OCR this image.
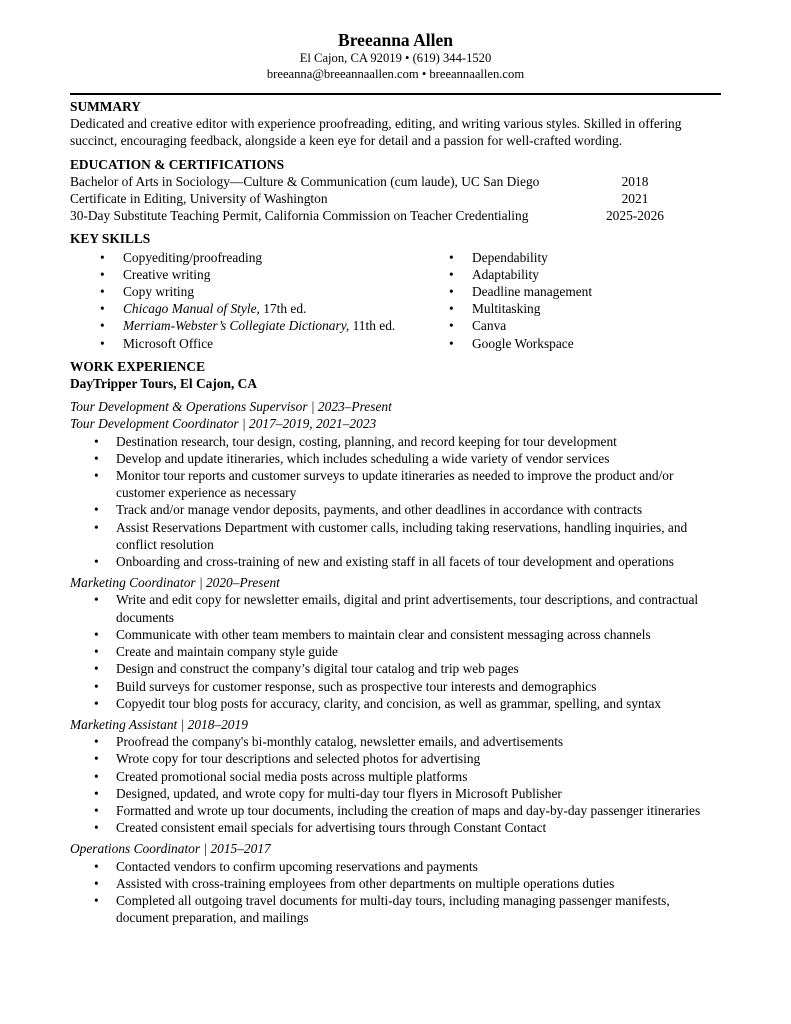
Breeanna Allen
El Cajon, CA 92019 • (619) 344-1520
breeanna@breeannaallen.com • breeannaallen.com
SUMMARY

Dedicated and creative editor with experience proofreading, editing, and writing various styles. Skilled in offering succinct, encouraging feedback, alongside a keen eye for detail and a passion for well-crafted wording.

EDUCATION & CERTIFICATIONS
Bachelor of Arts in Sociology—Culture & Communication (cum laude), UC San Diego	2018
Certificate in Editing, University of Washington	2021
30-Day Substitute Teaching Permit, California Commission on Teacher Credentialing	2025-2026
KEY SKILLS
• Copyediting/proofreading
• Creative writing
• Copy writing
• Chicago Manual of Style, 17th ed.
• Merriam-Webster’s Collegiate Dictionary, 11th ed.
• Microsoft Office
• Dependability
• Adaptability
• Deadline management
• Multitasking
• Canva
• Google Workspace
WORK EXPERIENCE
DayTripper Tours, El Cajon, CA
Tour Development & Operations Supervisor | 2023–Present
Tour Development Coordinator | 2017–2019, 2021–2023
• Destination research, tour design, costing, planning, and record keeping for tour development
• Develop and update itineraries, which includes scheduling a wide variety of vendor services
• Monitor tour reports and customer surveys to update itineraries as needed to improve the product and/or customer experience as necessary
• Track and/or manage vendor deposits, payments, and other deadlines in accordance with contracts
• Assist Reservations Department with customer calls, including taking reservations, handling inquiries, and conflict resolution
• Onboarding and cross-training of new and existing staff in all facets of tour development and operations
Marketing Coordinator | 2020–Present
• Write and edit copy for newsletter emails, digital and print advertisements, tour descriptions, and contractual documents
• Communicate with other team members to maintain clear and consistent messaging across channels
• Create and maintain company style guide
• Design and construct the company’s digital tour catalog and trip web pages
• Build surveys for customer response, such as prospective tour interests and demographics
• Copyedit tour blog posts for accuracy, clarity, and concision, as well as grammar, spelling, and syntax
Marketing Assistant | 2018–2019
• Proofread the company's bi-monthly catalog, newsletter emails, and advertisements
• Wrote copy for tour descriptions and selected photos for advertising
• Created promotional social media posts across multiple platforms
• Designed, updated, and wrote copy for multi-day tour flyers in Microsoft Publisher
• Formatted and wrote up tour documents, including the creation of maps and day-by-day passenger itineraries
• Created consistent email specials for advertising tours through Constant Contact
Operations Coordinator | 2015–2017
• Contacted vendors to confirm upcoming reservations and payments
• Assisted with cross-training employees from other departments on multiple operations duties
• Completed all outgoing travel documents for multi-day tours, including managing passenger manifests, document preparation, and mailings
